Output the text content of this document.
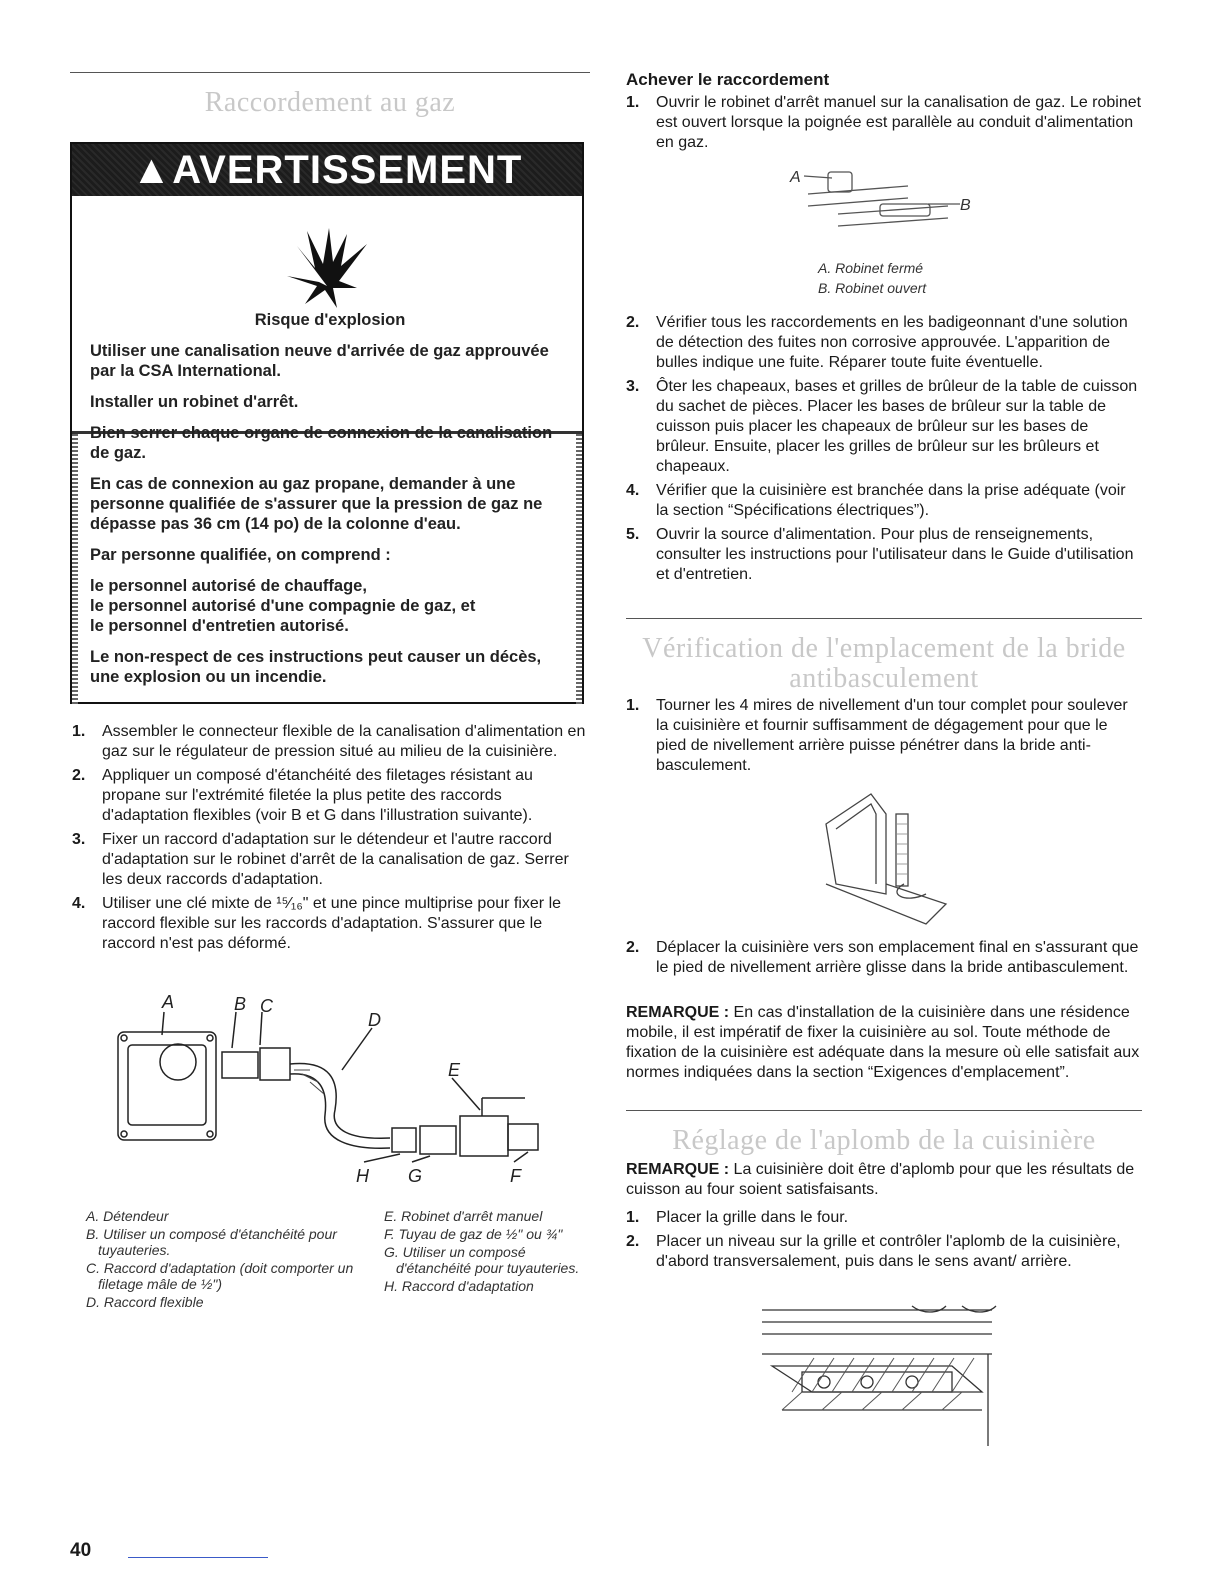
Raccordement au gaz
▲AVERTISSEMENT

Risque d'explosion

Utiliser une canalisation neuve d'arrivée de gaz approuvée par la CSA International.

Installer un robinet d'arrêt.

Bien serrer chaque organe de connexion de la canalisation de gaz.

En cas de connexion au gaz propane, demander à une personne qualifiée de s'assurer que la pression de gaz ne dépasse pas 36 cm (14 po) de la colonne d'eau.

Par personne qualifiée, on comprend :

le personnel autorisé de chauffage,
le personnel autorisé d'une compagnie de gaz, et
le personnel d'entretien autorisé.

Le non-respect de ces instructions peut causer un décès, une explosion ou un incendie.

1. Assembler le connecteur flexible de la canalisation d'alimentation en gaz sur le régulateur de pression situé au milieu de la cuisinière.
2. Appliquer un composé d'étanchéité des filetages résistant au propane sur l'extrémité filetée la plus petite des raccords d'adaptation flexibles (voir B et G dans l'illustration suivante).
3. Fixer un raccord d'adaptation sur le détendeur et l'autre raccord d'adaptation sur le robinet d'arrêt de la canalisation de gaz. Serrer les deux raccords d'adaptation.
4. Utiliser une clé mixte de ¹⁵⁄₁₆" et une pince multiprise pour fixer le raccord flexible sur les raccords d'adaptation. S'assurer que le raccord n'est pas déformé.
A	B C
D
E
H G	F
A. Détendeur
B. Utiliser un composé d'étanchéité pour tuyauteries.
C. Raccord d'adaptation (doit comporter un filetage mâle de ½")
D. Raccord flexible
E. Robinet d'arrêt manuel
F. Tuyau de gaz de ½" ou ¾"
G. Utiliser un composé d'étanchéité pour tuyauteries.
H. Raccord d'adaptation
40
Achever le raccordement
1. Ouvrir le robinet d'arrêt manuel sur la canalisation de gaz. Le robinet est ouvert lorsque la poignée est parallèle au conduit d'alimentation en gaz.
A
B
A. Robinet fermé
B. Robinet ouvert
2. Vérifier tous les raccordements en les badigeonnant d'une solution de détection des fuites non corrosive approuvée. L'apparition de bulles indique une fuite. Réparer toute fuite éventuelle.
3. Ôter les chapeaux, bases et grilles de brûleur de la table de cuisson du sachet de pièces. Placer les bases de brûleur sur la table de cuisson puis placer les chapeaux de brûleur sur les bases de brûleur. Ensuite, placer les grilles de brûleur sur les brûleurs et chapeaux.
4. Vérifier que la cuisinière est branchée dans la prise adéquate (voir la section “Spécifications électriques”).
5. Ouvrir la source d'alimentation. Pour plus de renseignements, consulter les instructions pour l'utilisateur dans le Guide d'utilisation et d'entretien.
Vérification de l'emplacement de la bride
antibasculement
1. Tourner les 4 mires de nivellement d'un tour complet pour soulever la cuisinière et fournir suffisamment de dégagement pour que le pied de nivellement arrière puisse pénétrer dans la bride anti-basculement.
2. Déplacer la cuisinière vers son emplacement final en s'assurant que le pied de nivellement arrière glisse dans la bride antibasculement.
REMARQUE : En cas d'installation de la cuisinière dans une résidence mobile, il est impératif de fixer la cuisinière au sol. Toute méthode de fixation de la cuisinière est adéquate dans la mesure où elle satisfait aux normes indiquées dans la section “Exigences d'emplacement”.
Réglage de l'aplomb de la cuisinière
REMARQUE : La cuisinière doit être d'aplomb pour que les résultats de cuisson au four soient satisfaisants.
1. Placer la grille dans le four.
2. Placer un niveau sur la grille et contrôler l'aplomb de la cuisinière, d'abord transversalement, puis dans le sens avant/ arrière.
